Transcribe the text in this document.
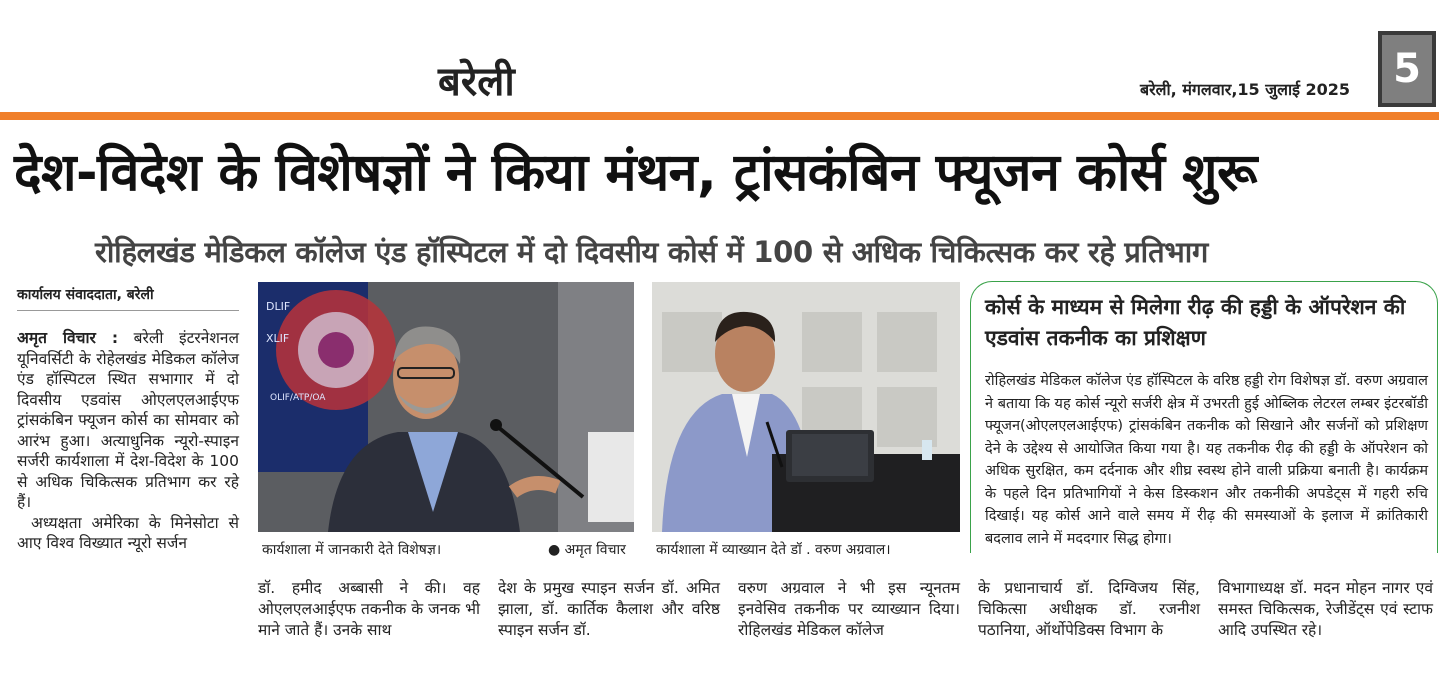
बरेली	बरेली, मंगलवार,15 जुलाई 2025	5
देश-विदेश के विशेषज्ञों ने किया मंथन, ट्रांसकंबिन फ्यूजन कोर्स शुरू
रोहिलखंड मेडिकल कॉलेज एंड हॉस्पिटल में दो दिवसीय कोर्स में 100 से अधिक चिकित्सक कर रहे प्रतिभाग
कार्यालय संवाददाता, बरेली

अमृत विचार : बरेली इंटरनेशनल यूनिवर्सिटी के रोहेलखंड मेडिकल कॉलेज एंड हॉस्पिटल स्थित सभागार में दो दिवसीय एडवांस ओएलएलआईएफ ट्रांसकंबिन फ्यूजन कोर्स का सोमवार को आरंभ हुआ। अत्याधुनिक न्यूरो-स्पाइन सर्जरी कार्यशाला में देश-विदेश के 100 से अधिक चिकित्सक प्रतिभाग कर रहे हैं।

अध्यक्षता अमेरिका के मिनेसोटा से आए विश्व विख्यात न्यूरो सर्जन

DLIF
XLIF
OLIF/ATP/OA
कार्यशाला में जानकारी देते विशेषज्ञ।	● अमृत विचार कार्यशाला में व्याख्यान देते डॉ . वरुण अग्रवाल।
कोर्स के माध्यम से मिलेगा रीढ़ की हड्डी के ऑपरेशन की एडवांस तकनीक का प्रशिक्षण
रोहिलखंड मेडिकल कॉलेज एंड हॉस्पिटल के वरिष्ठ हड्डी रोग विशेषज्ञ डॉ. वरुण अग्रवाल ने बताया कि यह कोर्स न्यूरो सर्जरी क्षेत्र में उभरती हुई ओब्लिक लेटरल लम्बर इंटरबॉडी फ्यूजन(ओएलएलआईएफ) ट्रांसकंबिन तकनीक को सिखाने और सर्जनों को प्रशिक्षण देने के उद्देश्य से आयोजित किया गया है। यह तकनीक रीढ़ की हड्डी के ऑपरेशन को अधिक सुरक्षित, कम दर्दनाक और शीघ्र स्वस्थ होने वाली प्रक्रिया बनाती है। कार्यक्रम के पहले दिन प्रतिभागियों ने केस डिस्कशन और तकनीकी अपडेट्स में गहरी रुचि दिखाई। यह कोर्स आने वाले समय में रीढ़ की समस्याओं के इलाज में क्रांतिकारी बदलाव लाने में मददगार सिद्ध होगा।
डॉ. हमीद अब्बासी ने की। वह ओएलएलआईएफ तकनीक के जनक भी माने जाते हैं। उनके साथ
देश के प्रमुख स्पाइन सर्जन डॉ. अमित झाला, डॉ. कार्तिक कैलाश और वरिष्ठ स्पाइन सर्जन डॉ.
वरुण अग्रवाल ने भी इस न्यूनतम इनवेसिव तकनीक पर व्याख्यान दिया। रोहिलखंड मेडिकल कॉलेज
के प्रधानाचार्य डॉ. दिग्विजय सिंह, चिकित्सा अधीक्षक डॉ. रजनीश पठानिया, ऑर्थोपेडिक्स विभाग के
विभागाध्यक्ष डॉ. मदन मोहन नागर एवं समस्त चिकित्सक, रेजीडेंट्स एवं स्टाफ आदि उपस्थित रहे।
